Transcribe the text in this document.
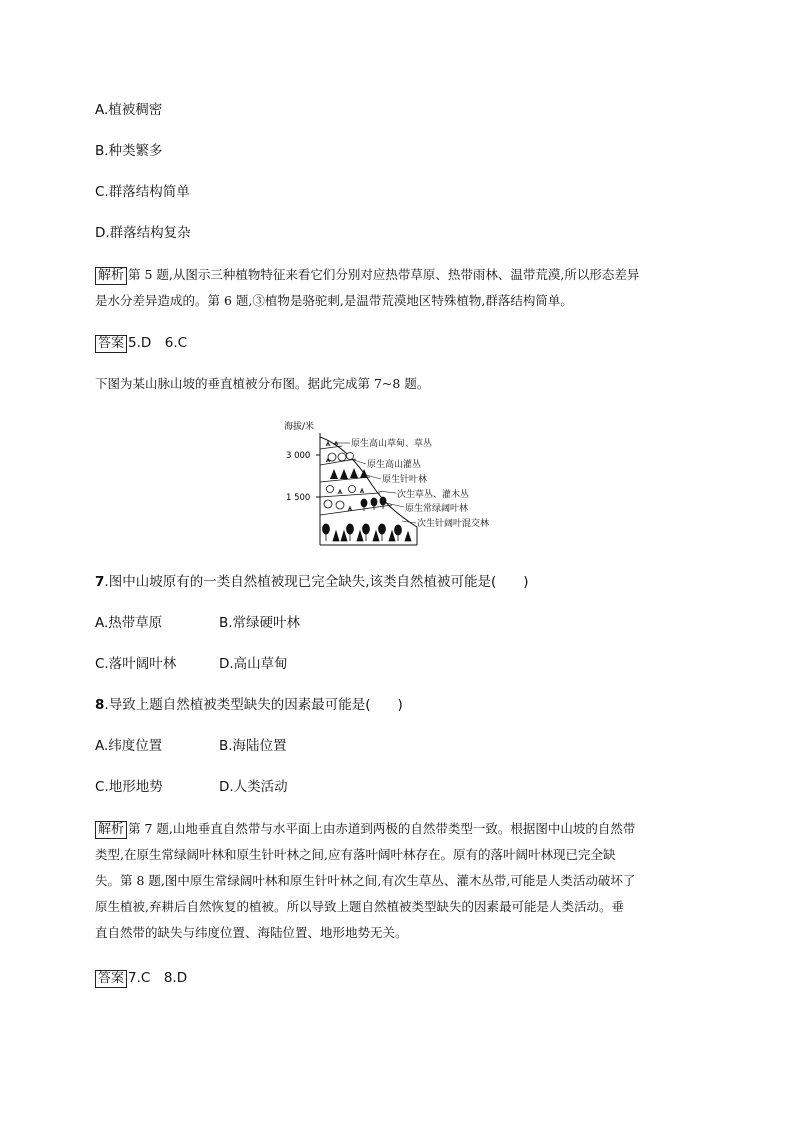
A.植被稠密
B.种类繁多
C.群落结构简单
D.群落结构复杂
解析 第 5 题,从图示三种植物特征来看它们分别对应热带草原、热带雨林、温带荒漠,所以形态差异
是水分差异造成的。第 6 题,③植物是骆驼刺,是温带荒漠地区特殊植物,群落结构简单。
答案 5.D　6.C
下图为某山脉山坡的垂直植被分布图。据此完成第 7~8 题。
海拔/米
3 000
1 500
原生高山草甸、草丛
原生高山灌丛
原生针叶林
次生草丛、灌木丛
原生常绿阔叶林
次生针阔叶混交林
7.图中山坡原有的一类自然植被现已完全缺失,该类自然植被可能是(　　)
A.热带草原	B.常绿硬叶林
C.落叶阔叶林	D.高山草甸
8.导致上题自然植被类型缺失的因素最可能是(　　)
A.纬度位置	B.海陆位置
C.地形地势	D.人类活动
解析 第 7 题,山地垂直自然带与水平面上由赤道到两极的自然带类型一致。根据图中山坡的自然带
类型,在原生常绿阔叶林和原生针叶林之间,应有落叶阔叶林存在。原有的落叶阔叶林现已完全缺
失。第 8 题,图中原生常绿阔叶林和原生针叶林之间,有次生草丛、灌木丛带,可能是人类活动破坏了
原生植被,弃耕后自然恢复的植被。所以导致上题自然植被类型缺失的因素最可能是人类活动。垂
直自然带的缺失与纬度位置、海陆位置、地形地势无关。
答案 7.C　8.D
